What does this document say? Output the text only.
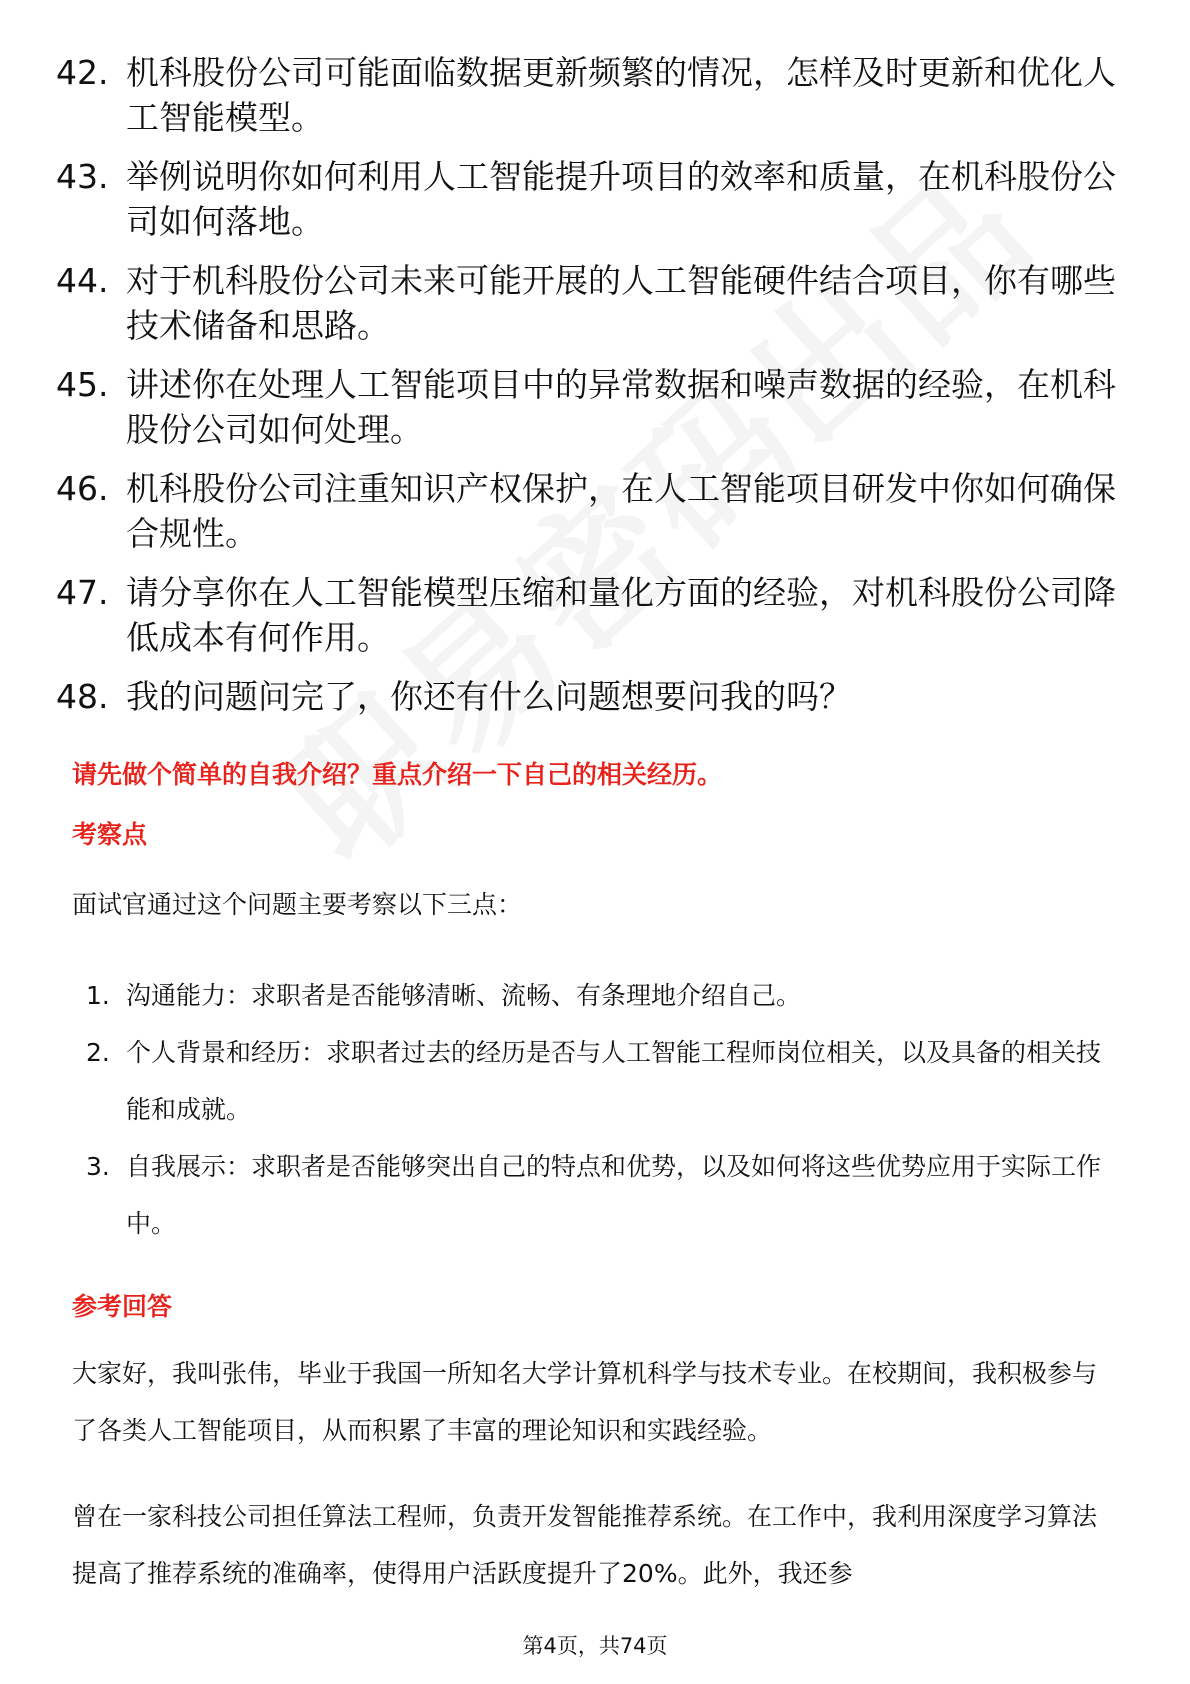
42. 机科股份公司可能面临数据更新频繁的情况，怎样及时更新和优化人工智能模型。
43. 举例说明你如何利用人工智能提升项目的效率和质量，在机科股份公司如何落地。
44. 对于机科股份公司未来可能开展的人工智能硬件结合项目，你有哪些技术储备和思路。
45. 讲述你在处理人工智能项目中的异常数据和噪声数据的经验，在机科股份公司如何处理。
46. 机科股份公司注重知识产权保护，在人工智能项目研发中你如何确保合规性。
47. 请分享你在人工智能模型压缩和量化方面的经验，对机科股份公司降低成本有何作用。
48. 我的问题问完了，你还有什么问题想要问我的吗？
请先做个简单的自我介绍？重点介绍一下自己的相关经历。
考察点
面试官通过这个问题主要考察以下三点：
1. 沟通能力：求职者是否能够清晰、流畅、有条理地介绍自己。
2. 个人背景和经历：求职者过去的经历是否与人工智能工程师岗位相关，以及具备的相关技能和成就。
3. 自我展示：求职者是否能够突出自己的特点和优势，以及如何将这些优势应用于实际工作中。
参考回答
大家好，我叫张伟，毕业于我国一所知名大学计算机科学与技术专业。在校期间，我积极参与了各类人工智能项目，从而积累了丰富的理论知识和实践经验。
曾在一家科技公司担任算法工程师，负责开发智能推荐系统。在工作中，我利用深度学习算法提高了推荐系统的准确率，使得用户活跃度提升了20%。此外，我还参
第4页，共74页
